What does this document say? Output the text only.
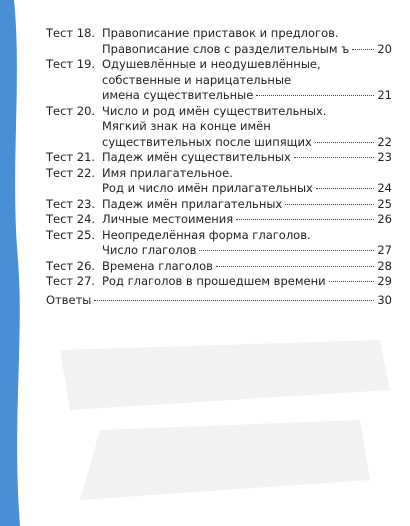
Тест 18. Правописание приставок и предлогов.
Правописание слов с разделительным ъ 20
Тест 19. Одушевлённые и неодушевлённые,
собственные и нарицательные
имена существительные	21
Тест 20. Число и род имён существительных.
Мягкий знак на конце имён
существительных после шипящих	22
Тест 21. Падеж имён существительных	23
Тест 22. Имя прилагательное.
Род и число имён прилагательных	24
Тест 23. Падеж имён прилагательных	25
Тест 24. Личные местоимения	26
Тест 25. Неопределённая форма глаголов.
Число глаголов	27
Тест 26. Времена глаголов	28
Тест 27. Род глаголов в прошедшем времени	29
Ответы	30
